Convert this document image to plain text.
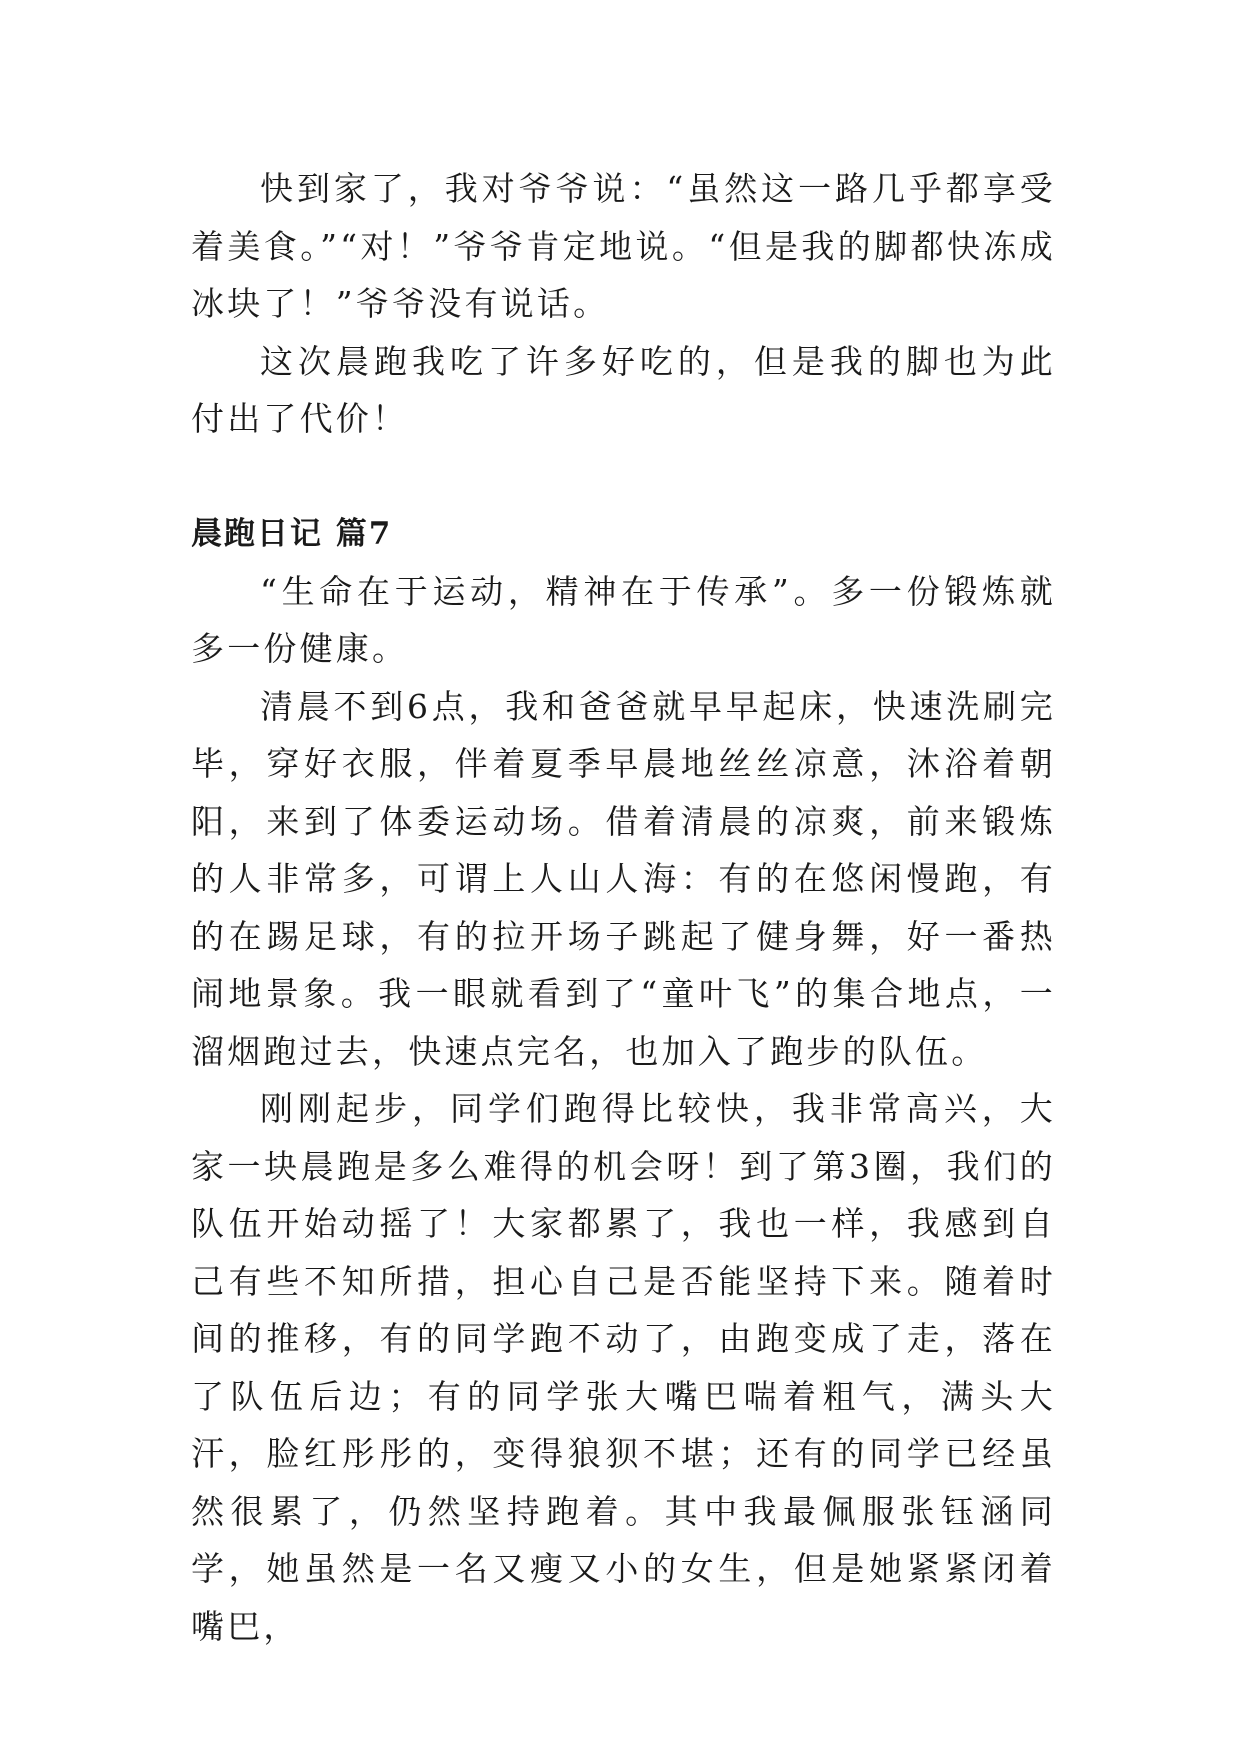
快到家了，我对爷爷说：“虽然这一路几乎都享受着美食。”“对！”爷爷肯定地说。“但是我的脚都快冻成冰块了！”爷爷没有说话。

这次晨跑我吃了许多好吃的，但是我的脚也为此付出了代价！

晨跑日记 篇7

“生命在于运动，精神在于传承”。多一份锻炼就多一份健康。

清晨不到6点，我和爸爸就早早起床，快速洗刷完毕，穿好衣服，伴着夏季早晨地丝丝凉意，沐浴着朝阳，来到了体委运动场。借着清晨的凉爽，前来锻炼的人非常多，可谓上人山人海：有的在悠闲慢跑，有的在踢足球，有的拉开场子跳起了健身舞，好一番热闹地景象。我一眼就看到了“童叶飞”的集合地点，一溜烟跑过去，快速点完名，也加入了跑步的队伍。

刚刚起步，同学们跑得比较快，我非常高兴，大家一块晨跑是多么难得的机会呀！到了第3圈，我们的队伍开始动摇了！大家都累了，我也一样，我感到自己有些不知所措，担心自己是否能坚持下来。随着时间的推移，有的同学跑不动了，由跑变成了走，落在了队伍后边；有的同学张大嘴巴喘着粗气，满头大汗，脸红彤彤的，变得狼狈不堪；还有的同学已经虽然很累了，仍然坚持跑着。其中我最佩服张钰涵同学，她虽然是一名又瘦又小的女生，但是她紧紧闭着嘴巴，
